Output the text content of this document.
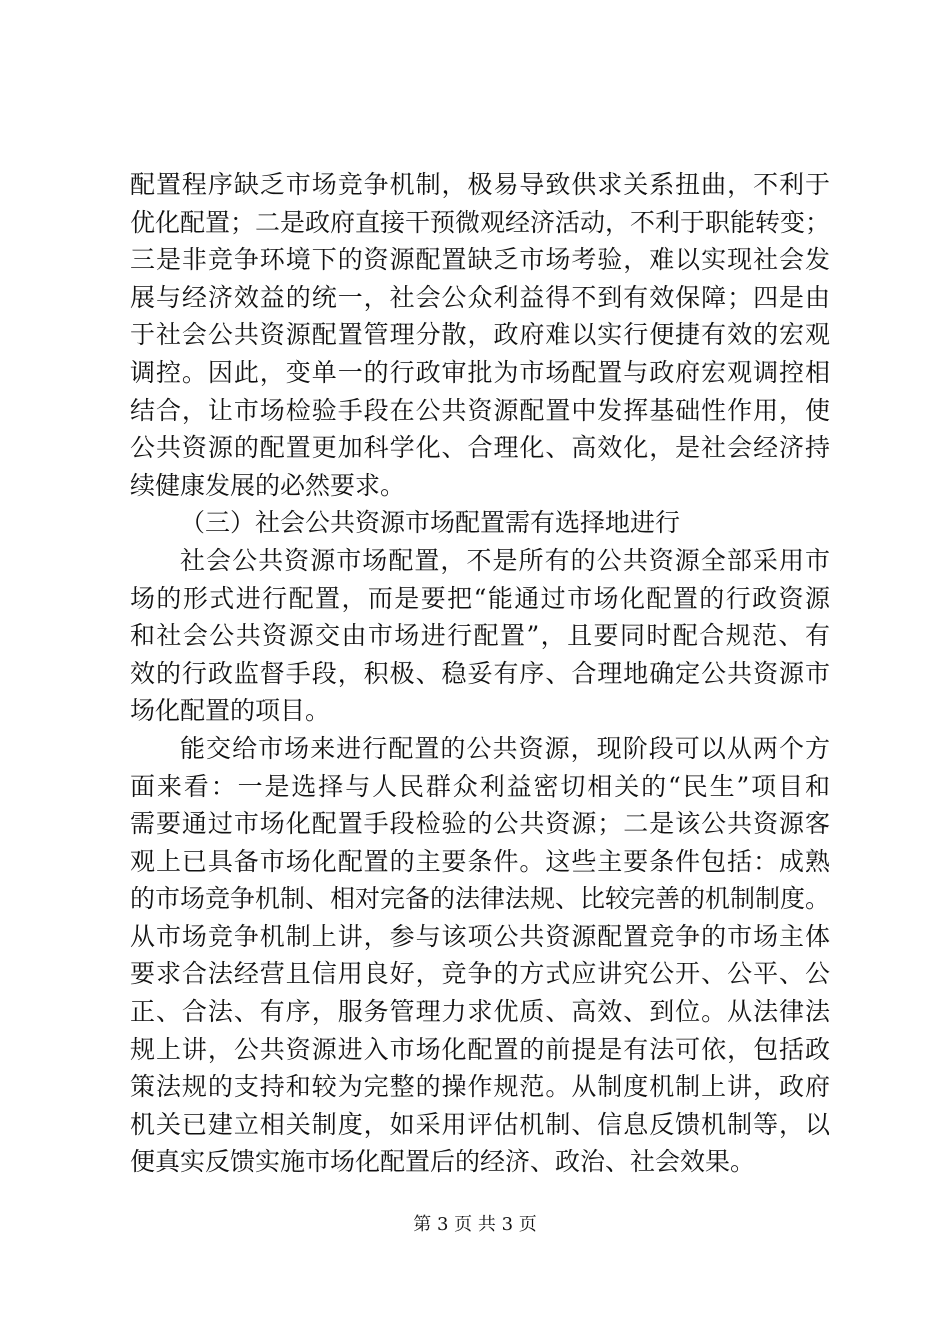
配置程序缺乏市场竞争机制，极易导致供求关系扭曲，不利于
优化配置；二是政府直接干预微观经济活动，不利于职能转变；
三是非竞争环境下的资源配置缺乏市场考验，难以实现社会发
展与经济效益的统一，社会公众利益得不到有效保障；四是由
于社会公共资源配置管理分散，政府难以实行便捷有效的宏观
调控。因此，变单一的行政审批为市场配置与政府宏观调控相
结合，让市场检验手段在公共资源配置中发挥基础性作用，使
公共资源的配置更加科学化、合理化、高效化，是社会经济持
续健康发展的必然要求。
（三）社会公共资源市场配置需有选择地进行
社会公共资源市场配置，不是所有的公共资源全部采用市
场的形式进行配置，而是要把“能通过市场化配置的行政资源
和社会公共资源交由市场进行配置”，且要同时配合规范、有
效的行政监督手段，积极、稳妥有序、合理地确定公共资源市
场化配置的项目。
能交给市场来进行配置的公共资源，现阶段可以从两个方
面来看：一是选择与人民群众利益密切相关的“民生”项目和
需要通过市场化配置手段检验的公共资源；二是该公共资源客
观上已具备市场化配置的主要条件。这些主要条件包括：成熟
的市场竞争机制、相对完备的法律法规、比较完善的机制制度。
从市场竞争机制上讲，参与该项公共资源配置竞争的市场主体
要求合法经营且信用良好，竞争的方式应讲究公开、公平、公
正、合法、有序，服务管理力求优质、高效、到位。从法律法
规上讲，公共资源进入市场化配置的前提是有法可依，包括政
策法规的支持和较为完整的操作规范。从制度机制上讲，政府
机关已建立相关制度，如采用评估机制、信息反馈机制等，以
便真实反馈实施市场化配置后的经济、政治、社会效果。
第 3 页 共 3 页
